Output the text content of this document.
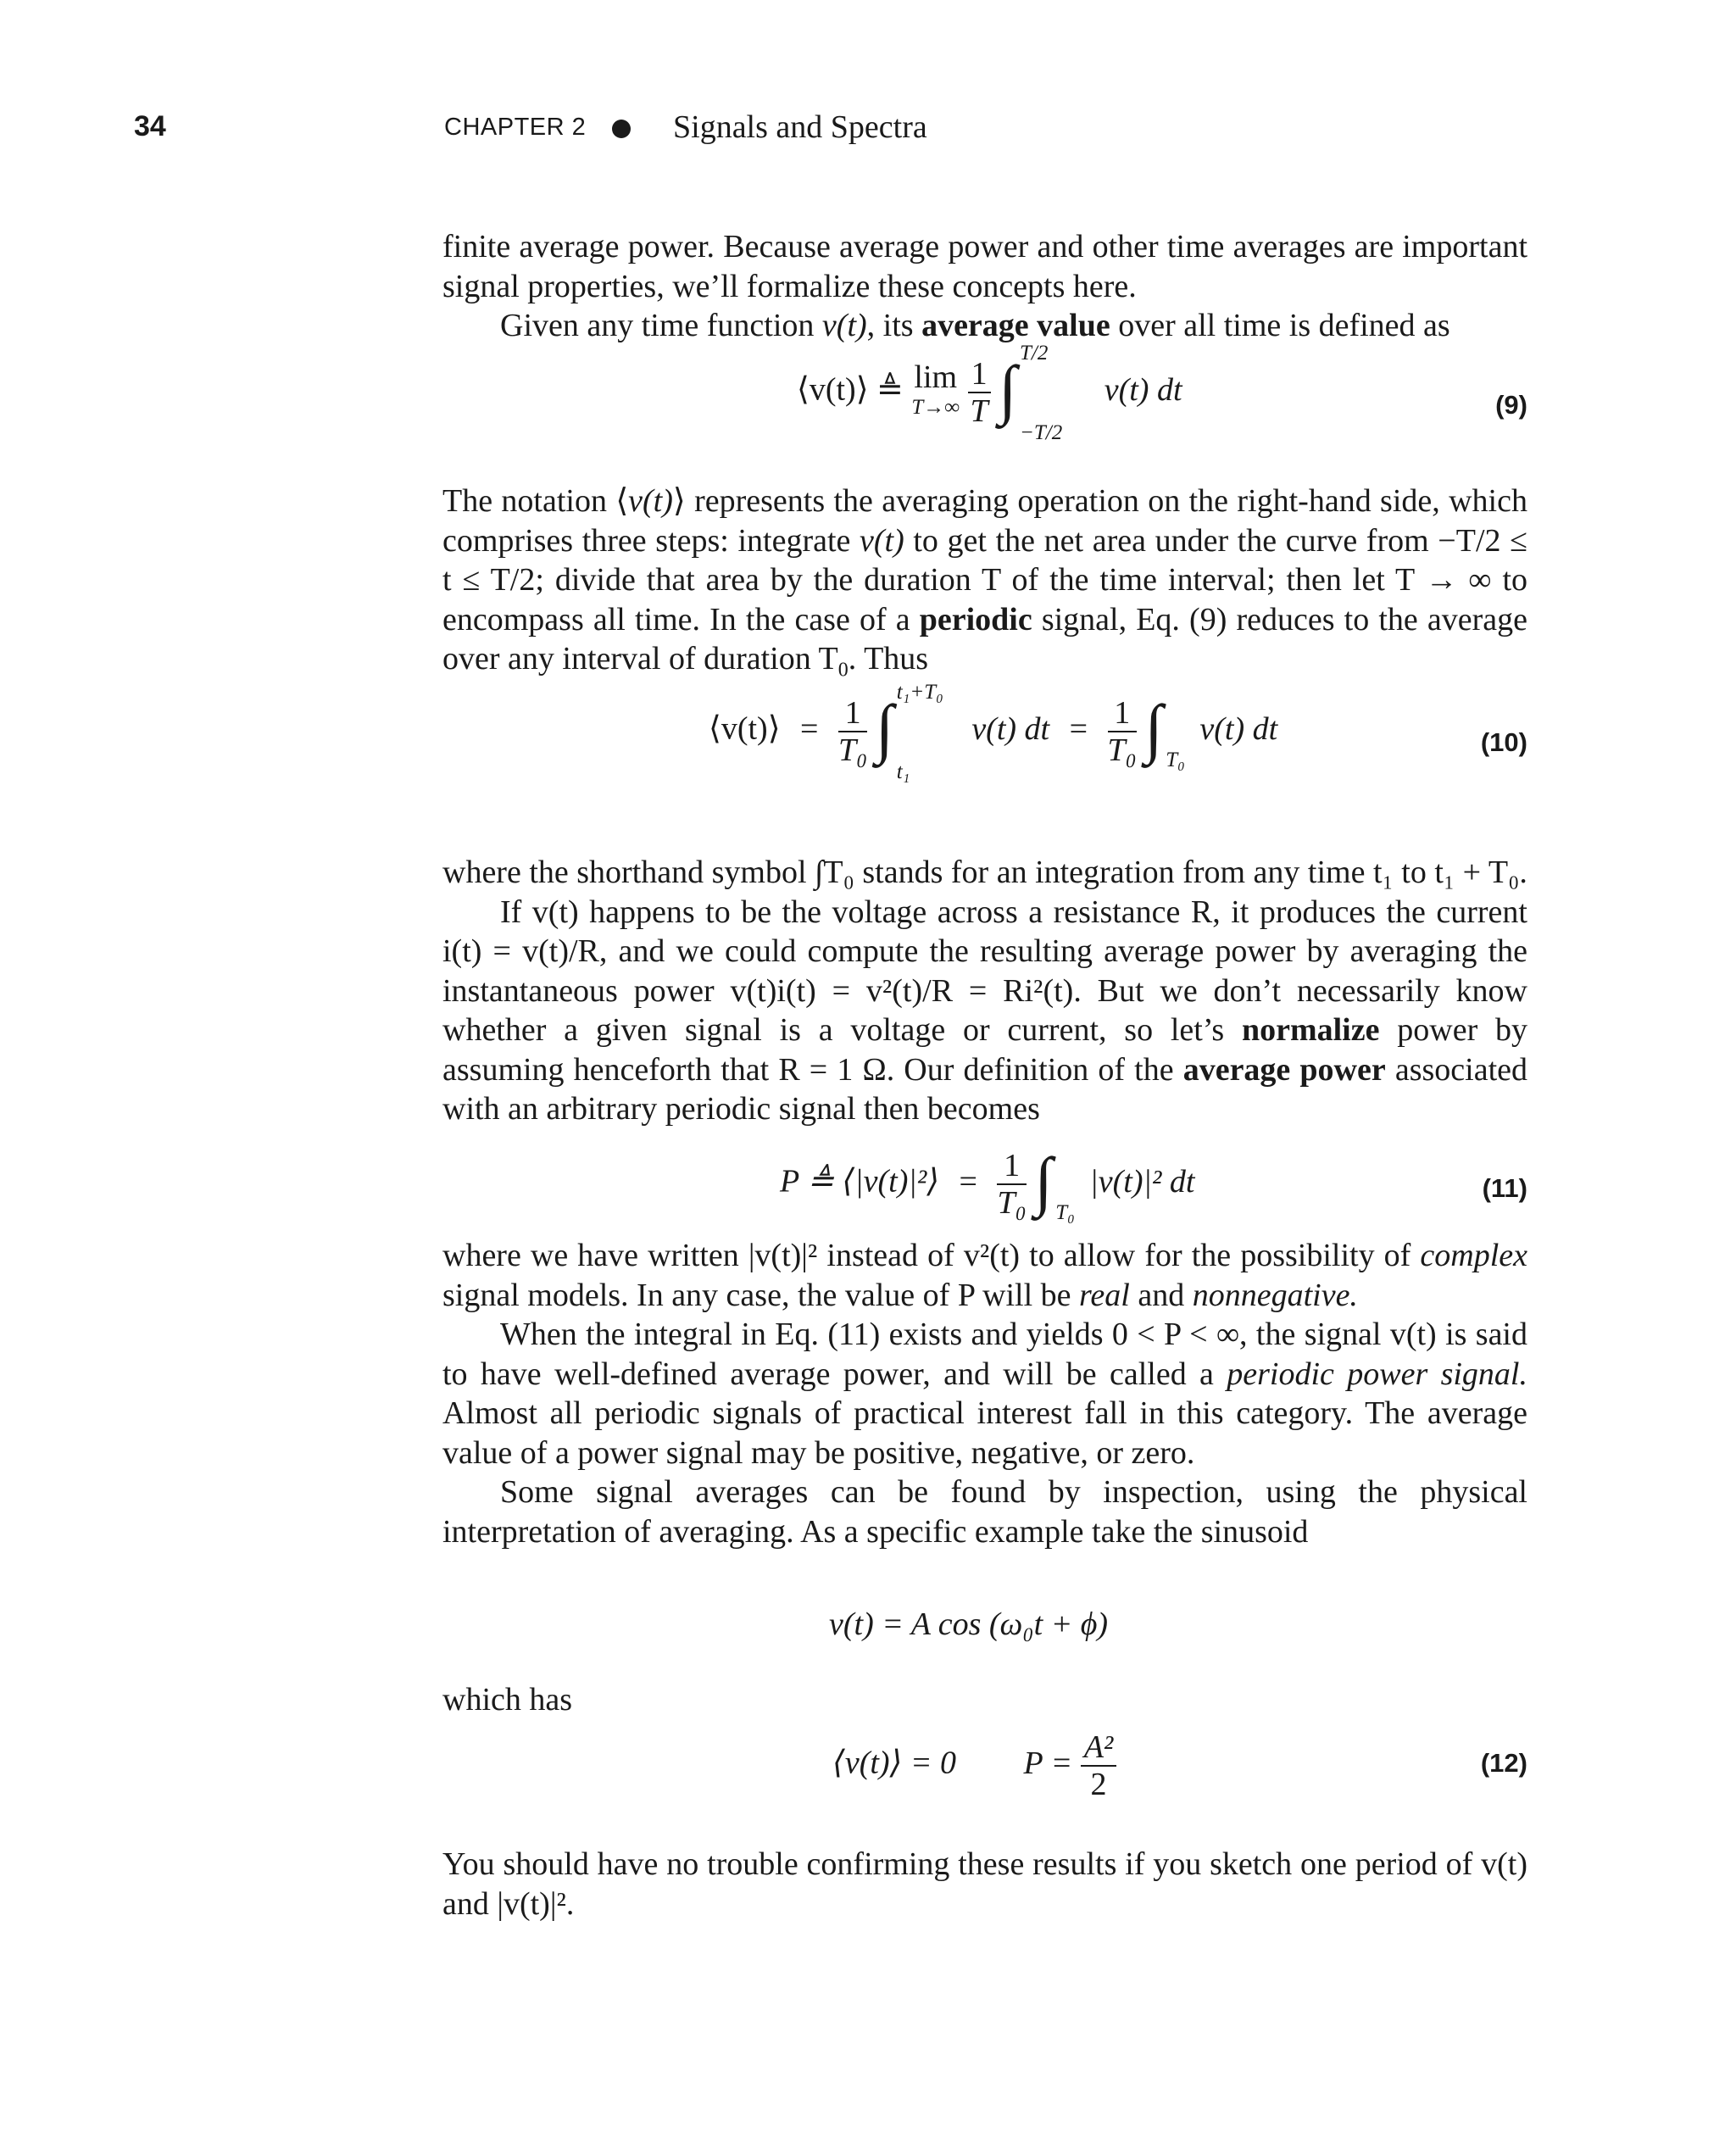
34	CHAPTER 2	Signals and Spectra

finite average power. Because average power and other time averages are important signal properties, we’ll formalize these concepts here.

Given any time function v(t), its average value over all time is defined as

⟨v(t)⟩ ≜ lim
T→∞
$\frac{1}{T}$ ∫ T/2
−T/2
v(t) dt	(9)

The notation ⟨v(t)⟩ represents the averaging operation on the right-hand side, which comprises three steps: integrate v(t) to get the net area under the curve from −T/2 ≤ t ≤ T/2; divide that area by the duration T of the time interval; then let T → ∞ to encompass all time. In the case of a periodic signal, Eq. (9) reduces to the average over any interval of duration $T_0$. Thus

⟨v(t)⟩ = $\frac{1}{\text{T₀}}$ ∫ t₁+T₀
t₁
v(t) dt = $\frac{1}{\text{T₀}}$ ∫ T₀
v(t) dt	(10)

where the shorthand symbol ∫T₀ stands for an integration from any time t₁ to t₁ + T₀.

If v(t) happens to be the voltage across a resistance R, it produces the current i(t) = v(t)/R, and we could compute the resulting average power by averaging the instantaneous power v(t)i(t) = v²(t)/R = Ri²(t). But we don’t necessarily know whether a given signal is a voltage or current, so let’s normalize power by assuming henceforth that R = 1 Ω. Our definition of the average power associated with an arbitrary periodic signal then becomes

P ≜ ⟨|v(t)|²⟩ = $\frac{1}{\text{T₀}}$ ∫ T₀
|v(t)|² dt	(11)

where we have written |v(t)|² instead of v²(t) to allow for the possibility of complex signal models. In any case, the value of P will be real and nonnegative.

When the integral in Eq. (11) exists and yields 0 < P < ∞, the signal v(t) is said to have well-defined average power, and will be called a periodic power signal. Almost all periodic signals of practical interest fall in this category. The average value of a power signal may be positive, negative, or zero.

Some signal averages can be found by inspection, using the physical interpretation of averaging. As a specific example take the sinusoid

v(t) = A cos (ω₀t + ϕ)

which has

⟨v(t)⟩ = 0 $P = \frac{\text{A²}}{2}$	(12)

You should have no trouble confirming these results if you sketch one period of v(t) and |v(t)|².
